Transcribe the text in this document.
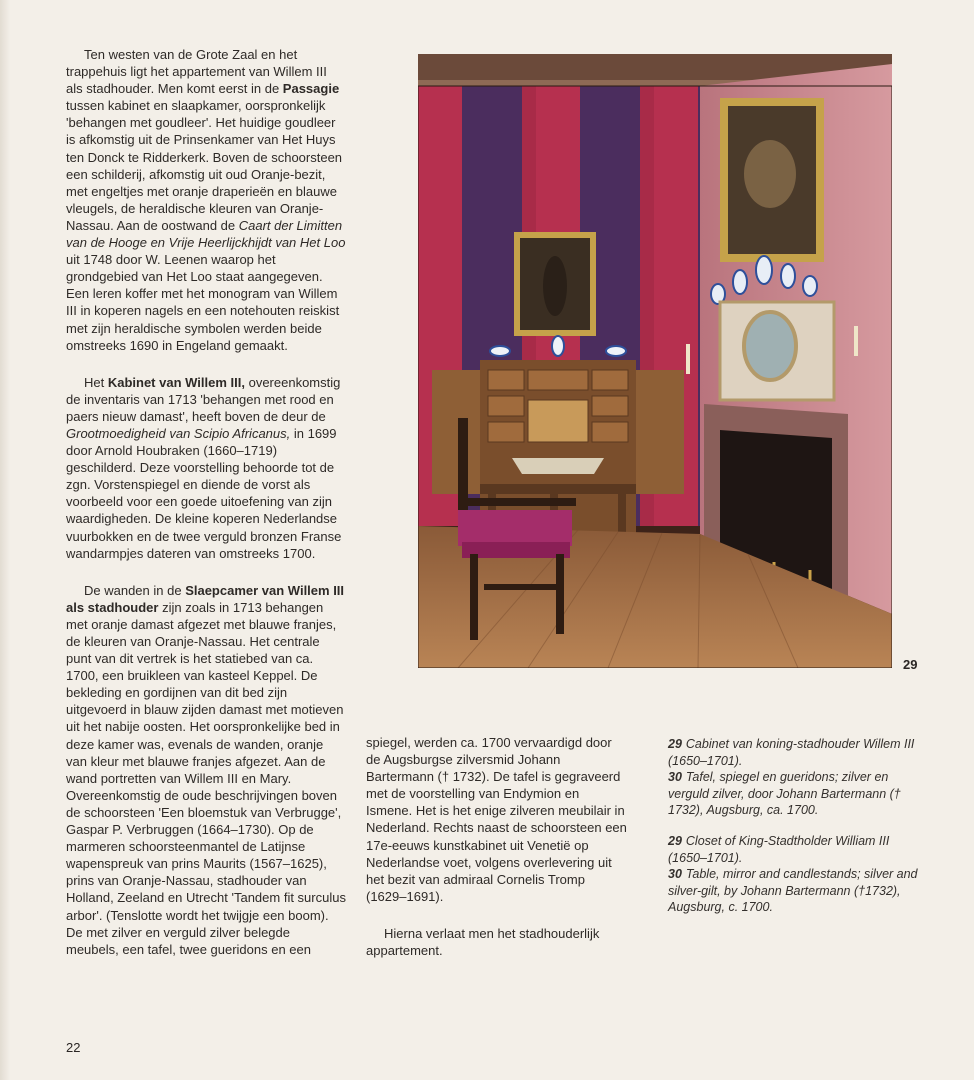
Ten westen van de Grote Zaal en het trappehuis ligt het appartement van Willem III als stadhouder. Men komt eerst in de Passagie tussen kabinet en slaapkamer, oorspronkelijk 'behangen met goudleer'. Het huidige goudleer is afkomstig uit de Prinsenkamer van Het Huys ten Donck te Ridderkerk. Boven de schoorsteen een schilderij, afkomstig uit oud Oranje-bezit, met engeltjes met oranje draperieën en blauwe vleugels, de heraldische kleuren van Oranje-Nassau. Aan de oostwand de Caart der Limitten van de Hooge en Vrije Heerlijckhijdt van Het Loo uit 1748 door W. Leenen waarop het grondgebied van Het Loo staat aangegeven. Een leren koffer met het monogram van Willem III in koperen nagels en een notehouten reiskist met zijn heraldische symbolen werden beide omstreeks 1690 in Engeland gemaakt.

Het Kabinet van Willem III, overeenkomstig de inventaris van 1713 'behangen met rood en paers nieuw damast', heeft boven de deur de Grootmoedigheid van Scipio Africanus, in 1699 door Arnold Houbraken (1660–1719) geschilderd. Deze voorstelling behoorde tot de zgn. Vorstenspiegel en diende de vorst als voorbeeld voor een goede uitoefening van zijn waardigheden. De kleine koperen Nederlandse vuurbokken en de twee verguld bronzen Franse wandarmpjes dateren van omstreeks 1700.

De wanden in de Slaepcamer van Willem III als stadhouder zijn zoals in 1713 behangen met oranje damast afgezet met blauwe franjes, de kleuren van Oranje-Nassau. Het centrale punt van dit vertrek is het statiebed van ca. 1700, een bruikleen van kasteel Keppel. De bekleding en gordijnen van dit bed zijn uitgevoerd in blauw zijden damast met motieven uit het nabije oosten. Het oorspronkelijke bed in deze kamer was, evenals de wanden, oranje van kleur met blauwe franjes afgezet. Aan de wand portretten van Willem III en Mary. Overeenkomstig de oude beschrijvingen boven de schoorsteen 'Een bloemstuk van Verbrugge', Gaspar P. Verbruggen (1664–1730). Op de marmeren schoorsteenmantel de Latijnse wapenspreuk van prins Maurits (1567–1625), prins van Oranje-Nassau, stadhouder van Holland, Zeeland en Utrecht 'Tandem fit surculus arbor'. (Tenslotte wordt het twijgje een boom). De met zilver en verguld zilver belegde meubels, een tafel, twee gueridons en een

29

spiegel, werden ca. 1700 vervaardigd door de Augsburgse zilversmid Johann Bartermann († 1732). De tafel is gegraveerd met de voorstelling van Endymion en Ismene. Het is het enige zilveren meubilair in Nederland. Rechts naast de schoorsteen een 17e-eeuws kunstkabinet uit Venetië op Nederlandse voet, volgens overlevering uit het bezit van admiraal Cornelis Tromp (1629–1691).

Hierna verlaat men het stadhouderlijk appartement.

29 Cabinet van koning-stadhouder Willem III (1650–1701).
30 Tafel, spiegel en gueridons; zilver en verguld zilver, door Johann Bartermann († 1732), Augsburg, ca. 1700.
29 Closet of King-Stadtholder William III (1650–1701).
30 Table, mirror and candlestands; silver and silver-gilt, by Johann Bartermann (†1732), Augsburg, c. 1700.
22
